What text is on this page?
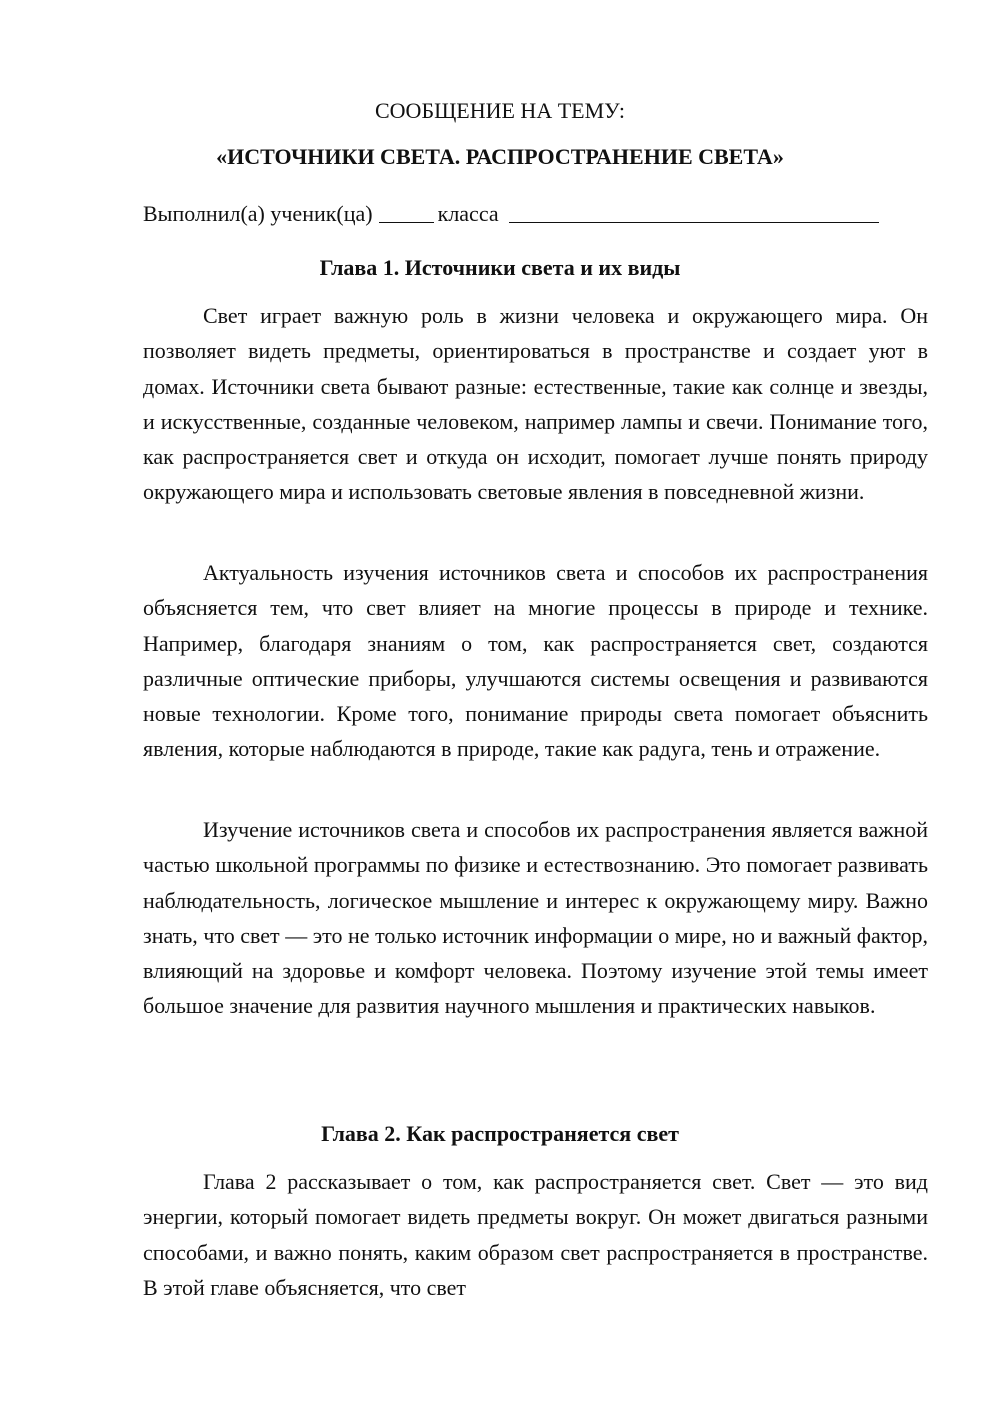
СООБЩЕНИЕ НА ТЕМУ:
«ИСТОЧНИКИ СВЕТА. РАСПРОСТРАНЕНИЕ СВЕТА»
Выполнил(а) ученик(ца)	класса
Глава 1. Источники света и их виды

Свет играет важную роль в жизни человека и окружающего мира. Он позволяет видеть предметы, ориентироваться в пространстве и создает уют в домах. Источники света бывают разные: естественные, такие как солнце и звезды, и искусственные, созданные человеком, например лампы и свечи. Понимание того, как распространяется свет и откуда он исходит, помогает лучше понять природу окружающего мира и использовать световые явления в повседневной жизни.

Актуальность изучения источников света и способов их распространения объясняется тем, что свет влияет на многие процессы в природе и технике. Например, благодаря знаниям о том, как распространяется свет, создаются различные оптические приборы, улучшаются системы освещения и развиваются новые технологии. Кроме того, понимание природы света помогает объяснить явления, которые наблюдаются в природе, такие как радуга, тень и отражение.

Изучение источников света и способов их распространения является важной частью школьной программы по физике и естествознанию. Это помогает развивать наблюдательность, логическое мышление и интерес к окружающему миру. Важно знать, что свет — это не только источник информации о мире, но и важный фактор, влияющий на здоровье и комфорт человека. Поэтому изучение этой темы имеет большое значение для развития научного мышления и практических навыков.

Глава 2. Как распространяется свет

Глава 2 рассказывает о том, как распространяется свет. Свет — это вид энергии, который помогает видеть предметы вокруг. Он может двигаться разными способами, и важно понять, каким образом свет распространяется в пространстве. В этой главе объясняется, что свет
